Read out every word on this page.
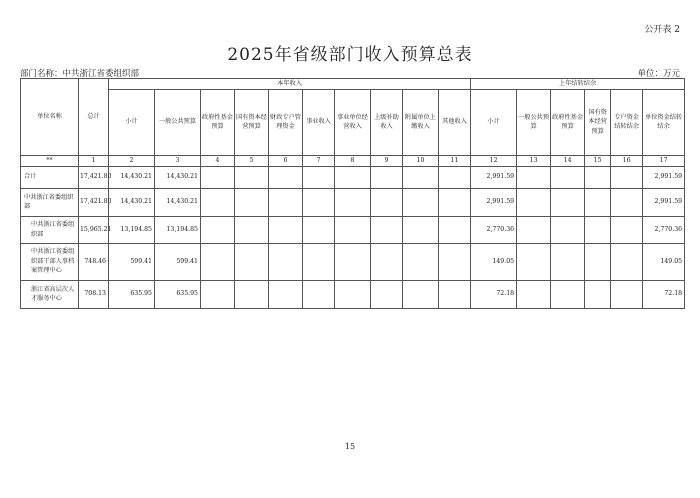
公开表 2
2025年省级部门收入预算总表
部门名称：中共浙江省委组织部	单位：万元
单位名称	总计	本年收入										上年结转结余					
		小计	一般公共预算	政府性基金预算	国有资本经营预算	财政专户管理资金	事业收入	事业单位经营收入	上级补助收入	附属单位上缴收入	其他收入	小计	一般公共预算	政府性基金预算	国有资本经营预算	专户资金结转结余	单位资金结转结余
**	1	2	3	4	5	6	7	8	9	10	11	12	13	14	15	16	17
合计	17,421.80	14,430.21	14,430.21									2,991.59					2,991.59
中共浙江省委组织部	17,421.80	14,430.21	14,430.21									2,991.59					2,991.59
中共浙江省委组织部	15,965.21	13,194.85	13,194.85									2,770.36					2,770.36
中共浙江省委组织部干部人事档案管理中心	748.46	599.41	599.41									149.05					149.05
浙江省高层次人才服务中心	708.13	635.95	635.95									72.18					72.18
15
